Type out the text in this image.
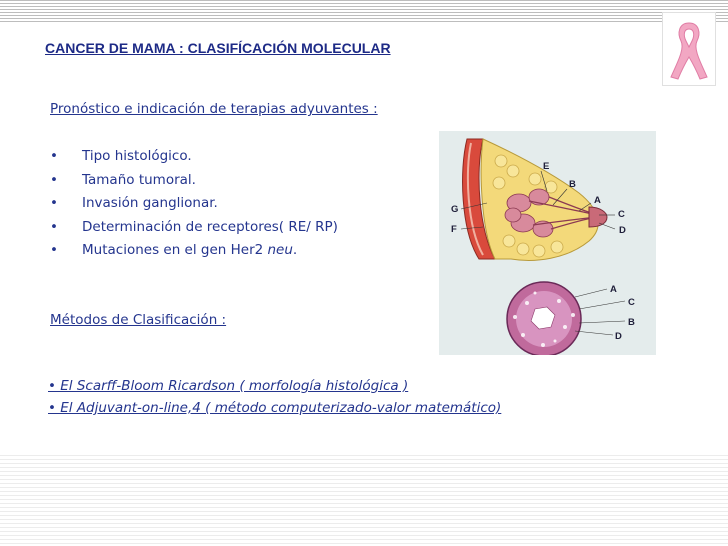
CANCER DE MAMA : CLASIFÍCACIÓN MOLECULAR

Pronóstico e indicación de terapias adyuvantes :

• Tipo histológico.
• Tamaño tumoral.
• Invasión ganglionar.
• Determinación de receptores( RE/ RP)
• Mutaciones en el gen Her2 neu.

Métodos de Clasificación :

• El Scarff-Bloom Ricardson ( morfología histológica )
• El Adjuvant-on-line,4 ( método computerizado-valor matemático)
E
B
A
C
D
G
F
A
C
B
D
